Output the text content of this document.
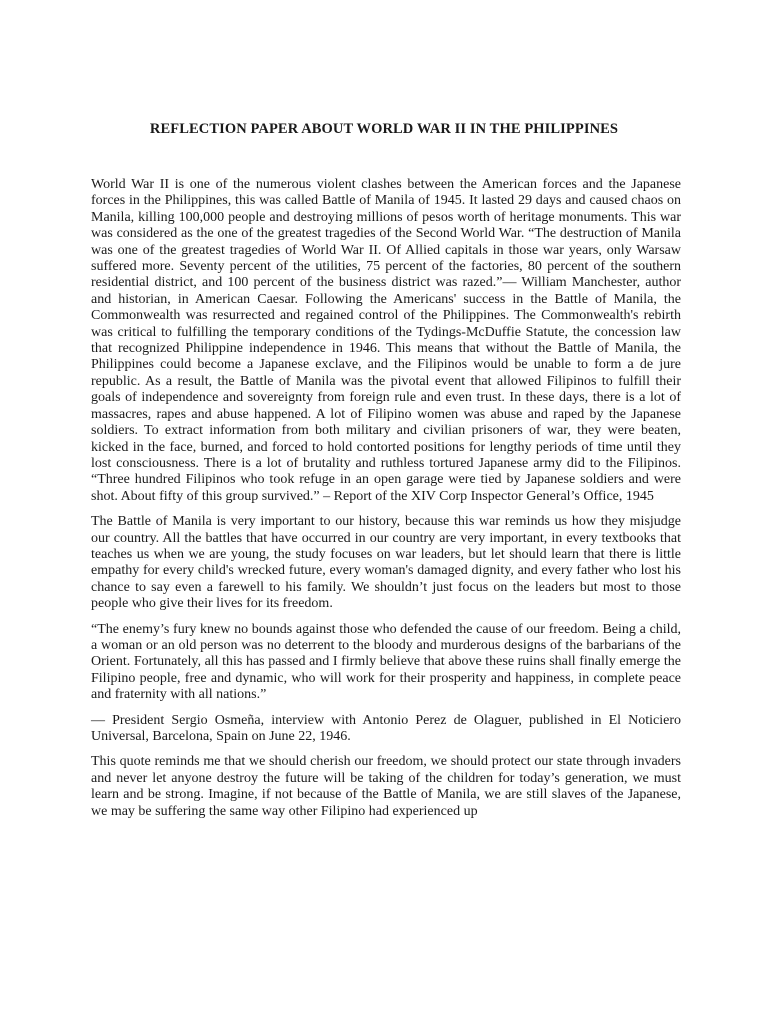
REFLECTION PAPER ABOUT WORLD WAR II IN THE PHILIPPINES

World War II is one of the numerous violent clashes between the American forces and the Japanese forces in the Philippines, this was called Battle of Manila of 1945. It lasted 29 days and caused chaos on Manila, killing 100,000 people and destroying millions of pesos worth of heritage monuments. This war was considered as the one of the greatest tragedies of the Second World War. “The destruction of Manila was one of the greatest tragedies of World War II. Of Allied capitals in those war years, only Warsaw suffered more. Seventy percent of the utilities, 75 percent of the factories, 80 percent of the southern residential district, and 100 percent of the business district was razed.”— William Manchester, author and historian, in American Caesar. Following the Americans' success in the Battle of Manila, the Commonwealth was resurrected and regained control of the Philippines. The Commonwealth's rebirth was critical to fulfilling the temporary conditions of the Tydings-McDuffie Statute, the concession law that recognized Philippine independence in 1946. This means that without the Battle of Manila, the Philippines could become a Japanese exclave, and the Filipinos would be unable to form a de jure republic. As a result, the Battle of Manila was the pivotal event that allowed Filipinos to fulfill their goals of independence and sovereignty from foreign rule and even trust. In these days, there is a lot of massacres, rapes and abuse happened. A lot of Filipino women was abuse and raped by the Japanese soldiers. To extract information from both military and civilian prisoners of war, they were beaten, kicked in the face, burned, and forced to hold contorted positions for lengthy periods of time until they lost consciousness. There is a lot of brutality and ruthless tortured Japanese army did to the Filipinos. “Three hundred Filipinos who took refuge in an open garage were tied by Japanese soldiers and were shot. About fifty of this group survived.” – Report of the XIV Corp Inspector General’s Office, 1945

The Battle of Manila is very important to our history, because this war reminds us how they misjudge our country. All the battles that have occurred in our country are very important, in every textbooks that teaches us when we are young, the study focuses on war leaders, but let should learn that there is little empathy for every child's wrecked future, every woman's damaged dignity, and every father who lost his chance to say even a farewell to his family. We shouldn’t just focus on the leaders but most to those people who give their lives for its freedom.

“The enemy’s fury knew no bounds against those who defended the cause of our freedom. Being a child, a woman or an old person was no deterrent to the bloody and murderous designs of the barbarians of the Orient. Fortunately, all this has passed and I firmly believe that above these ruins shall finally emerge the Filipino people, free and dynamic, who will work for their prosperity and happiness, in complete peace and fraternity with all nations.”

— President Sergio Osmeña, interview with Antonio Perez de Olaguer, published in El Noticiero Universal, Barcelona, Spain on June 22, 1946.

This quote reminds me that we should cherish our freedom, we should protect our state through invaders and never let anyone destroy the future will be taking of the children for today’s generation, we must learn and be strong. Imagine, if not because of the Battle of Manila, we are still slaves of the Japanese, we may be suffering the same way other Filipino had experienced up
